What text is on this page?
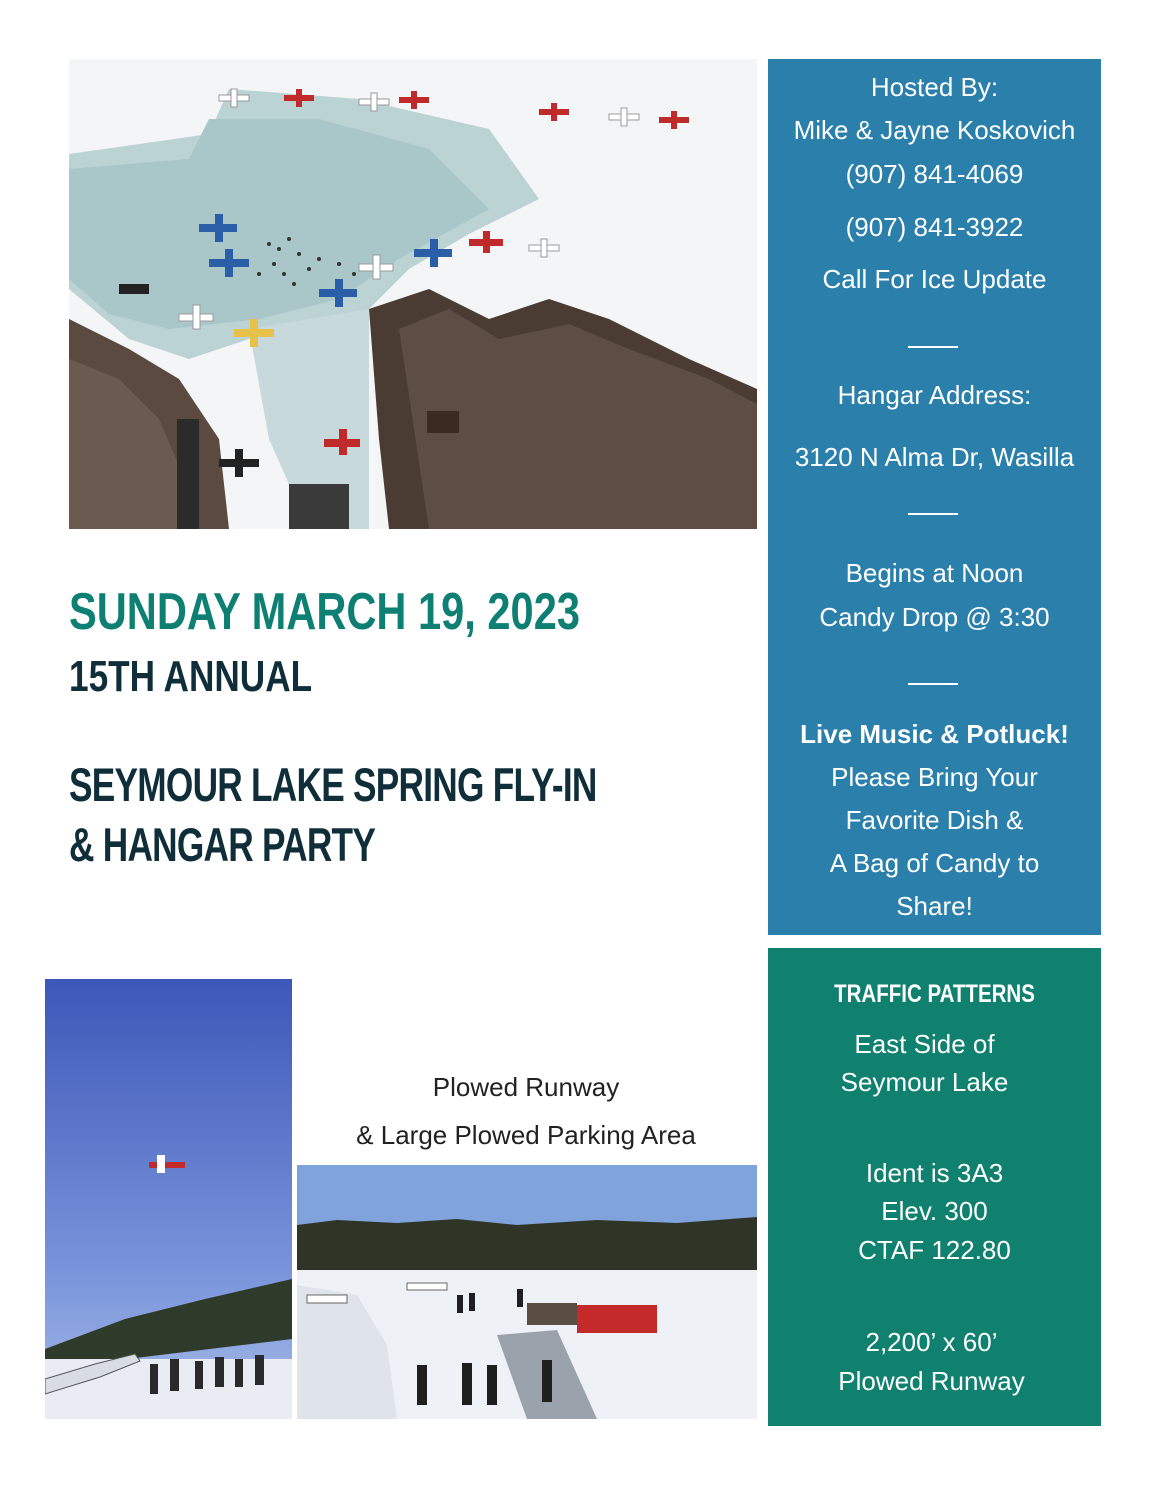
SUNDAY MARCH 19, 2023
15TH ANNUAL
SEYMOUR LAKE SPRING FLY-IN
& HANGAR PARTY
Hosted By:
Mike & Jayne Koskovich
(907) 841-4069
(907) 841-3922
Call For Ice Update
Hangar Address:
3120 N Alma Dr, Wasilla
Begins at Noon
Candy Drop @ 3:30
Live Music & Potluck!
Please Bring Your
Favorite Dish &
A Bag of Candy to
Share!
TRAFFIC PATTERNS
East Side of
Seymour Lake
Ident is 3A3
Elev. 300
CTAF 122.80
2,200’ x 60’
Plowed Runway
Plowed Runway
& Large Plowed Parking Area
